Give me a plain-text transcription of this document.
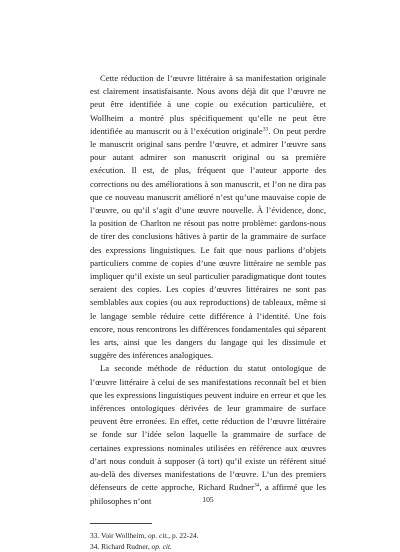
Cette réduction de l’œuvre littéraire à sa manifestation originale est clairement insatisfaisante. Nous avons déjà dit que l’œuvre ne peut être identifiée à une copie ou exécution particulière, et Wollheim a montré plus spécifiquement qu’elle ne peut être identifiée au manuscrit ou à l’exécution originale$^{33}$. On peut perdre le manuscrit original sans perdre l’œuvre, et admirer l’œuvre sans pour autant admirer son manuscrit original ou sa première exécution. Il est, de plus, fréquent que l’auteur apporte des corrections ou des améliorations à son manuscrit, et l’on ne dira pas que ce nouveau manuscrit amélioré n’est qu’une mauvaise copie de l’œuvre, ou qu’il s’agit d’une œuvre nouvelle. À l’évidence, donc, la position de Charlton ne résout pas notre problème: gardons-nous de tirer des conclusions hâtives à partir de la grammaire de surface des expressions linguistiques. Le fait que nous parlions d’objets particuliers comme de copies d’une œuvre littéraire ne semble pas impliquer qu’il existe un seul particulier paradigmatique dont toutes seraient des copies. Les copies d’œuvres littéraires ne sont pas semblables aux copies (ou aux reproductions) de tableaux, même si le langage semble réduire cette différence à l’identité. Une fois encore, nous rencontrons les différences fondamentales qui séparent les arts, ainsi que les dangers du langage qui les dissimule et suggère des inférences analogiques.

La seconde méthode de réduction du statut ontologique de l’œuvre littéraire à celui de ses manifestations reconnaît bel et bien que les expressions linguistiques peuvent induire en erreur et que les inférences ontologiques dérivées de leur grammaire de surface peuvent être erronées. En effet, cette réduction de l’œuvre littéraire se fonde sur l’idée selon laquelle la grammaire de surface de certaines expressions nominales utilisées en référence aux œuvres d’art nous conduit à supposer (à tort) qu’il existe un référent situé au-delà des diverses manifestations de l’œuvre. L’un des premiers défenseurs de cette approche, Richard Rudner$^{34}$, a affirmé que les philosophes n’ont

33. Voir Wollheim, op. cit., p. 22-24.

34. Richard Rudner, op. cit.

105
